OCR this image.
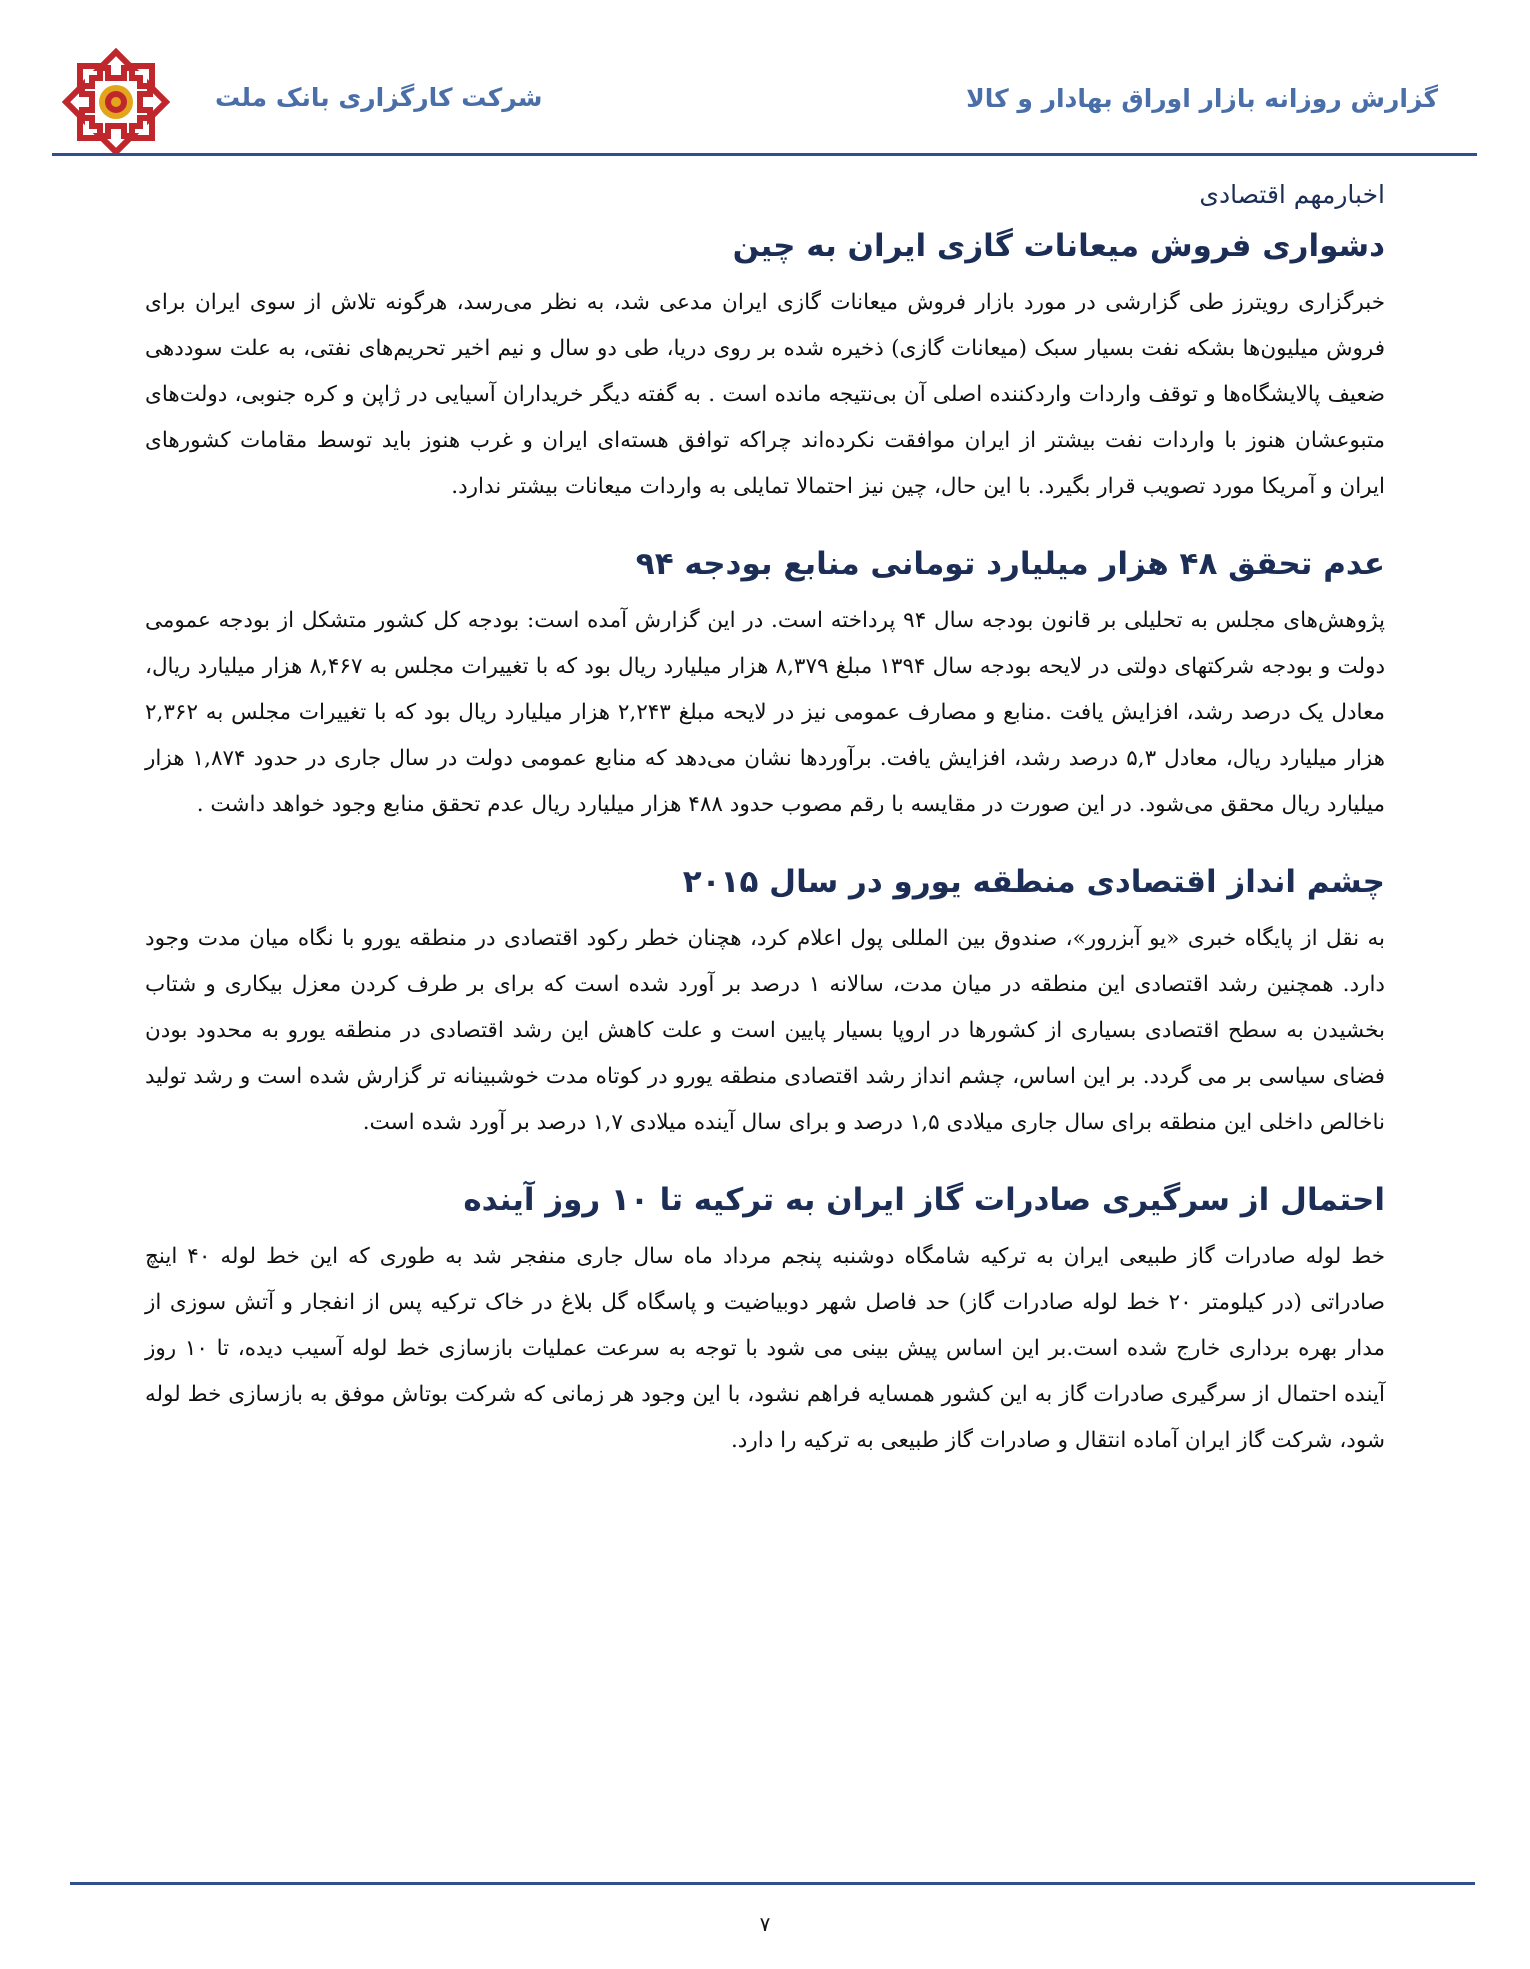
شرکت کارگزاری بانک ملت	گزارش روزانه بازار اوراق بهادار و کالا
اخبارمهم اقتصادی
دشواری فروش میعانات گازی ایران به چین

خبرگزاری رویترز طی گزارشی در مورد بازار فروش میعانات گازی ایران مدعی شد، به نظر می‌رسد، هرگونه تلاش از سوی ایران برای فروش میلیون‌ها بشکه نفت بسیار سبک (میعانات گازی) ذخیره شده بر روی دریا، طی دو سال و نیم اخیر تحریم‌های نفتی، به علت سوددهی ضعیف پالایشگاه‌ها و توقف واردات واردکننده اصلی آن بی‌نتیجه مانده است . به گفته دیگر خریداران آسیایی در ژاپن و کره جنوبی، دولت‌های متبوعشان هنوز با واردات نفت بیشتر از ایران موافقت نکرده‌اند چراکه توافق هسته‌ای ایران و غرب هنوز باید توسط مقامات کشورهای ایران و آمریکا مورد تصویب قرار بگیرد. با این حال، چین نیز احتمالا تمایلی به واردات میعانات بیشتر ندارد.

عدم تحقق ۴۸ هزار میلیارد تومانی منابع بودجه ۹۴

پژوهش‌های مجلس به تحلیلی بر قانون بودجه سال ۹۴ پرداخته است. در این گزارش آمده است: بودجه کل کشور متشکل از بودجه عمومی دولت و بودجه شرکتهای دولتی در لایحه بودجه سال ۱۳۹۴ مبلغ ۸,۳۷۹ هزار میلیارد ریال بود که با تغییرات مجلس به ۸,۴۶۷ هزار میلیارد ریال، معادل یک درصد رشد، افزایش یافت .منابع و مصارف عمومی نیز در لایحه مبلغ ۲,۲۴۳ هزار میلیارد ریال بود که با تغییرات مجلس به ۲,۳۶۲ هزار میلیارد ریال، معادل ۵,۳ درصد رشد، افزایش یافت. برآوردها نشان می‌دهد که منابع عمومی دولت در سال جاری در حدود ۱,۸۷۴ هزار میلیارد ریال محقق می‌شود. در این صورت در مقایسه با رقم مصوب حدود ۴۸۸ هزار میلیارد ریال عدم تحقق منابع وجود خواهد داشت .

چشم انداز اقتصادی منطقه یورو در سال ۲۰۱۵

به نقل از پایگاه خبری «یو آبزرور»، صندوق بین المللی پول اعلام کرد، هچنان خطر رکود اقتصادی در منطقه یورو با نگاه میان مدت وجود دارد. همچنین رشد اقتصادی این منطقه در میان مدت، سالانه ۱ درصد بر آورد شده است که برای بر طرف کردن معزل بیکاری و شتاب بخشیدن به سطح اقتصادی بسیاری از کشورها در اروپا بسیار پایین است و علت کاهش این رشد اقتصادی در منطقه یورو به محدود بودن فضای سیاسی بر می گردد. بر این اساس، چشم انداز رشد اقتصادی منطقه یورو در کوتاه مدت خوشبینانه تر گزارش شده است و رشد تولید ناخالص داخلی این منطقه برای سال جاری میلادی ۱,۵ درصد و برای سال آینده میلادی ۱,۷ درصد بر آورد شده است.

احتمال از سرگیری صادرات گاز ایران به ترکیه تا ۱۰ روز آینده

خط لوله صادرات گاز طبیعی ایران به ترکیه شامگاه دوشنبه پنجم مرداد ماه سال جاری منفجر شد به طوری که این خط لوله ۴۰ اینچ صادراتی (در کیلومتر ۲۰ خط لوله صادرات گاز) حد فاصل شهر دوبیاضیت و پاسگاه گل بلاغ در خاک ترکیه پس از انفجار و آتش سوزی از مدار بهره برداری خارج شده است.بر این اساس پیش بینی می شود با توجه به سرعت عملیات بازسازی خط لوله آسیب دیده، تا ۱۰ روز آینده احتمال از سرگیری صادرات گاز به این کشور همسایه فراهم نشود، با این وجود هر زمانی که شرکت بوتاش موفق به بازسازی خط لوله شود، شرکت گاز ایران آماده انتقال و صادرات گاز طبیعی به ترکیه را دارد.

۷
